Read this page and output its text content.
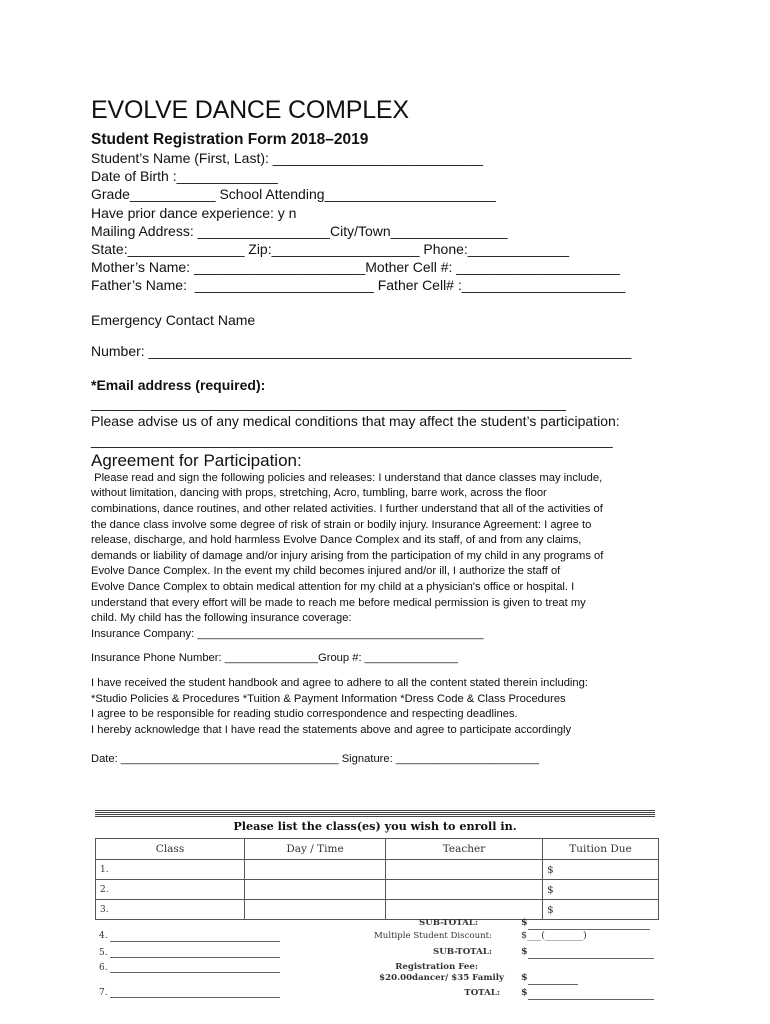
EVOLVE DANCE COMPLEX
Student Registration Form 2018–2019
Student’s Name (First, Last): ___________________________
Date of Birth :_____________
Grade___________ School Attending______________________
Have prior dance experience: y n
Mailing Address: _________________City/Town_______________
State:_______________ Zip:___________________ Phone:_____________
Mother’s Name: ______________________Mother Cell #: _____________________
Father’s Name:  _______________________ Father Cell# :_____________________
Emergency Contact Name
Number: ______________________________________________________________
*Email address (required):
_____________________________________________________________
Please advise us of any medical conditions that may affect the student’s participation:
___________________________________________________________________
Agreement for Participation:
Please read and sign the following policies and releases: I understand that dance classes may include,
without limitation, dancing with props, stretching, Acro, tumbling, barre work, across the floor
combinations, dance routines, and other related activities. I further understand that all of the activities of
the dance class involve some degree of risk of strain or bodily injury. Insurance Agreement: I agree to
release, discharge, and hold harmless Evolve Dance Complex and its staff, of and from any claims,
demands or liability of damage and/or injury arising from the participation of my child in any programs of
Evolve Dance Complex. In the event my child becomes injured and/or ill, I authorize the staff of
Evolve Dance Complex to obtain medical attention for my child at a physician's office or hospital. I
understand that every effort will be made to reach me before medical permission is given to treat my
child. My child has the following insurance coverage:
Insurance Company: ______________________________________________
Insurance Phone Number: _______________Group #: _______________
I have received the student handbook and agree to adhere to all the content stated therein including:
*Studio Policies & Procedures *Tuition & Payment Information *Dress Code & Class Procedures
I agree to be responsible for reading studio correspondence and respecting deadlines.
I hereby acknowledge that I have read the statements above and agree to participate accordingly
Date: ___________________________________ Signature: _______________________
Please list the class(es) you wish to enroll in.
Class	Day / Time	Teacher	Tuition Due
1.			$
2.			$
3.			$
4.
5.
6.
7.
SUB-TOTAL:	$
Multiple Student Discount:	$___(________)
SUB-TOTAL:	$
Registration Fee:
$20.00dancer/ $35 Family $
TOTAL: $
